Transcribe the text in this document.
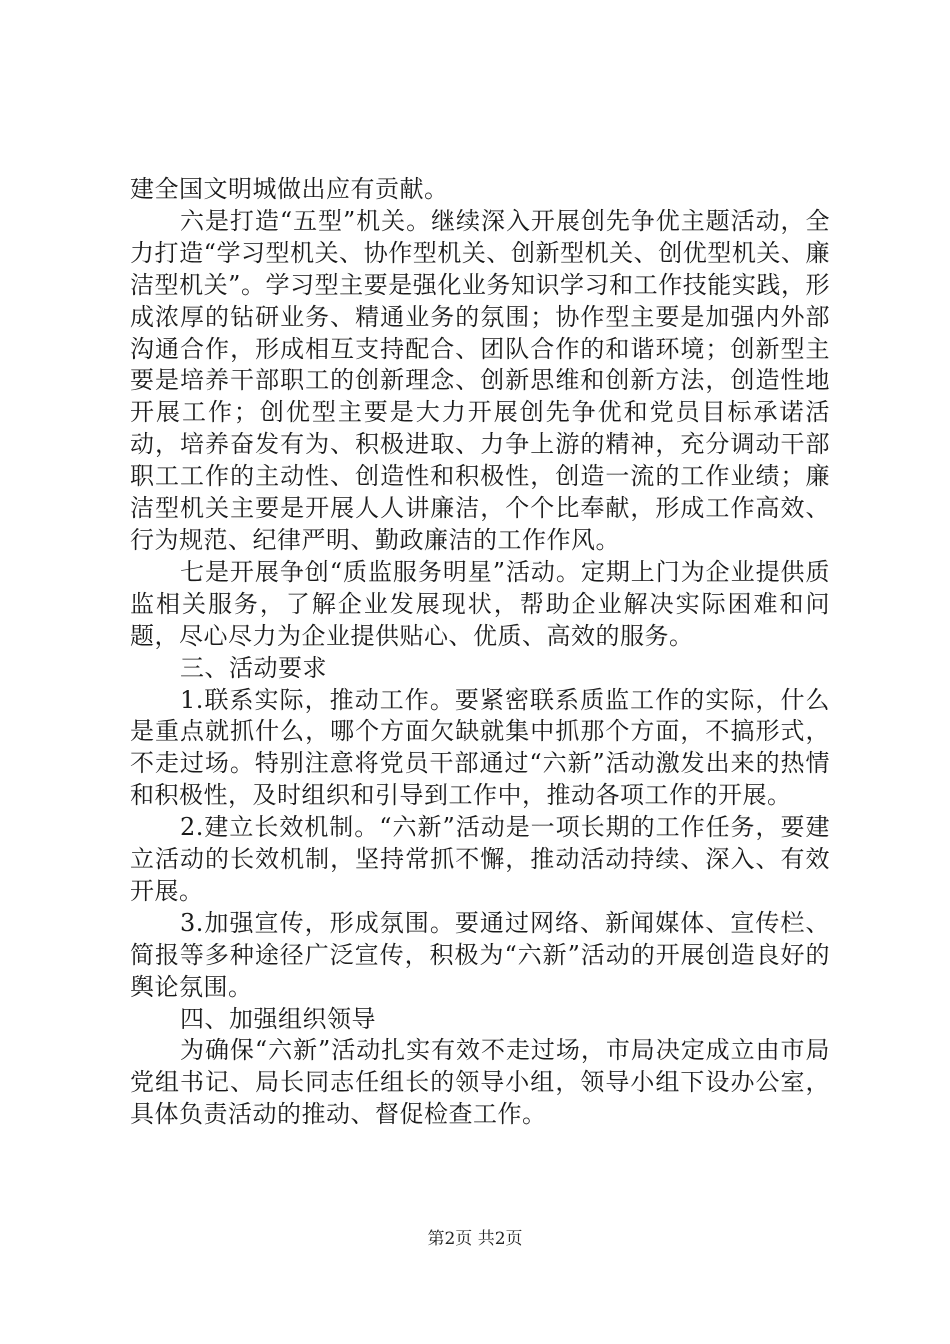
建全国文明城做出应有贡献。

六是打造“五型”机关。继续深入开展创先争优主题活动，全力打造“学习型机关、协作型机关、创新型机关、创优型机关、廉洁型机关”。学习型主要是强化业务知识学习和工作技能实践，形成浓厚的钻研业务、精通业务的氛围；协作型主要是加强内外部沟通合作，形成相互支持配合、团队合作的和谐环境；创新型主要是培养干部职工的创新理念、创新思维和创新方法，创造性地开展工作；创优型主要是大力开展创先争优和党员目标承诺活动，培养奋发有为、积极进取、力争上游的精神，充分调动干部职工工作的主动性、创造性和积极性，创造一流的工作业绩；廉洁型机关主要是开展人人讲廉洁，个个比奉献，形成工作高效、行为规范、纪律严明、勤政廉洁的工作作风。

七是开展争创“质监服务明星”活动。定期上门为企业提供质监相关服务，了解企业发展现状，帮助企业解决实际困难和问题，尽心尽力为企业提供贴心、优质、高效的服务。

三、活动要求

1.联系实际，推动工作。要紧密联系质监工作的实际，什么是重点就抓什么，哪个方面欠缺就集中抓那个方面，不搞形式，不走过场。特别注意将党员干部通过“六新”活动激发出来的热情和积极性，及时组织和引导到工作中，推动各项工作的开展。

2.建立长效机制。“六新”活动是一项长期的工作任务，要建立活动的长效机制，坚持常抓不懈，推动活动持续、深入、有效开展。

3.加强宣传，形成氛围。要通过网络、新闻媒体、宣传栏、简报等多种途径广泛宣传，积极为“六新”活动的开展创造良好的舆论氛围。

四、加强组织领导

为确保“六新”活动扎实有效不走过场，市局决定成立由市局党组书记、局长同志任组长的领导小组，领导小组下设办公室，具体负责活动的推动、督促检查工作。

第2页 共2页
